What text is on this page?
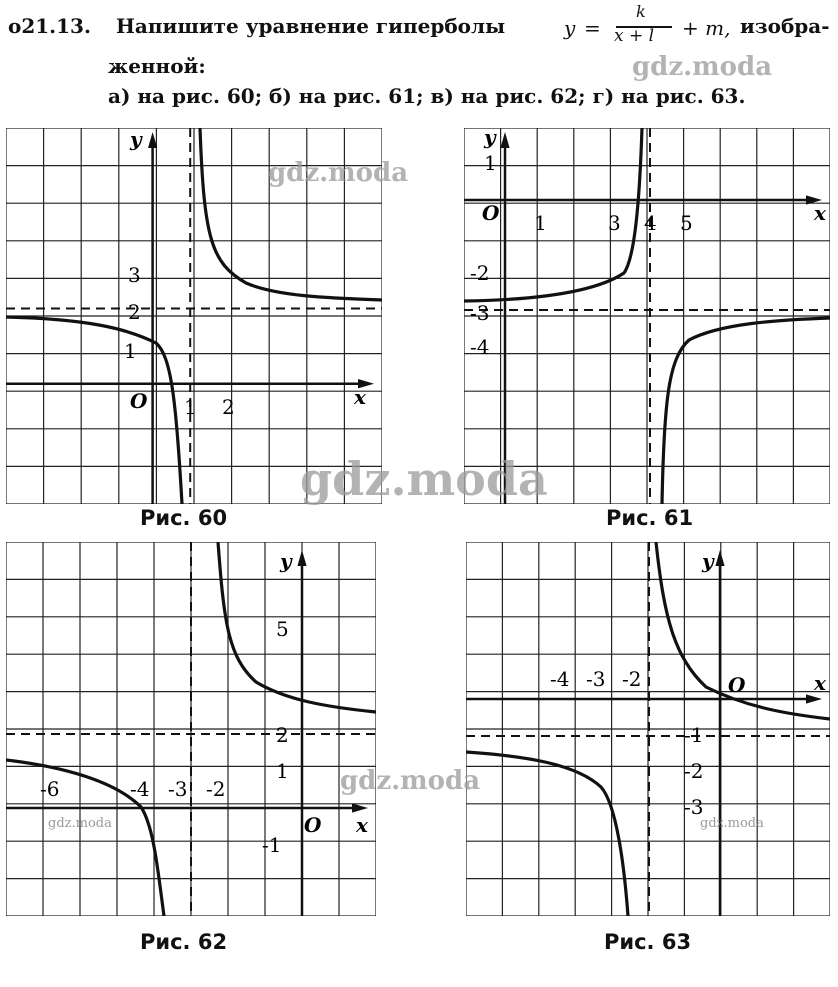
о21.13. Напишите уравнение гиперболы	y =
k
x + l + m, изобра-
женной:
а) на рис. 60; б) на рис. 61; в) на рис. 62; г) на рис. 63.
y
x
O 1 2
1
2
3
y
x
O 1	3 4 5
1
-2
-3
-4
y
x
O
-6	-4 -3 -2
5
2
1
-1
y
x
O
-4 -3 -2
-1
-2
-3
Рис. 60	Рис. 61
Рис. 62	Рис. 63
gdz.moda
gdz.moda
gdz.moda
gdz.moda
gdz.moda	gdz.moda
